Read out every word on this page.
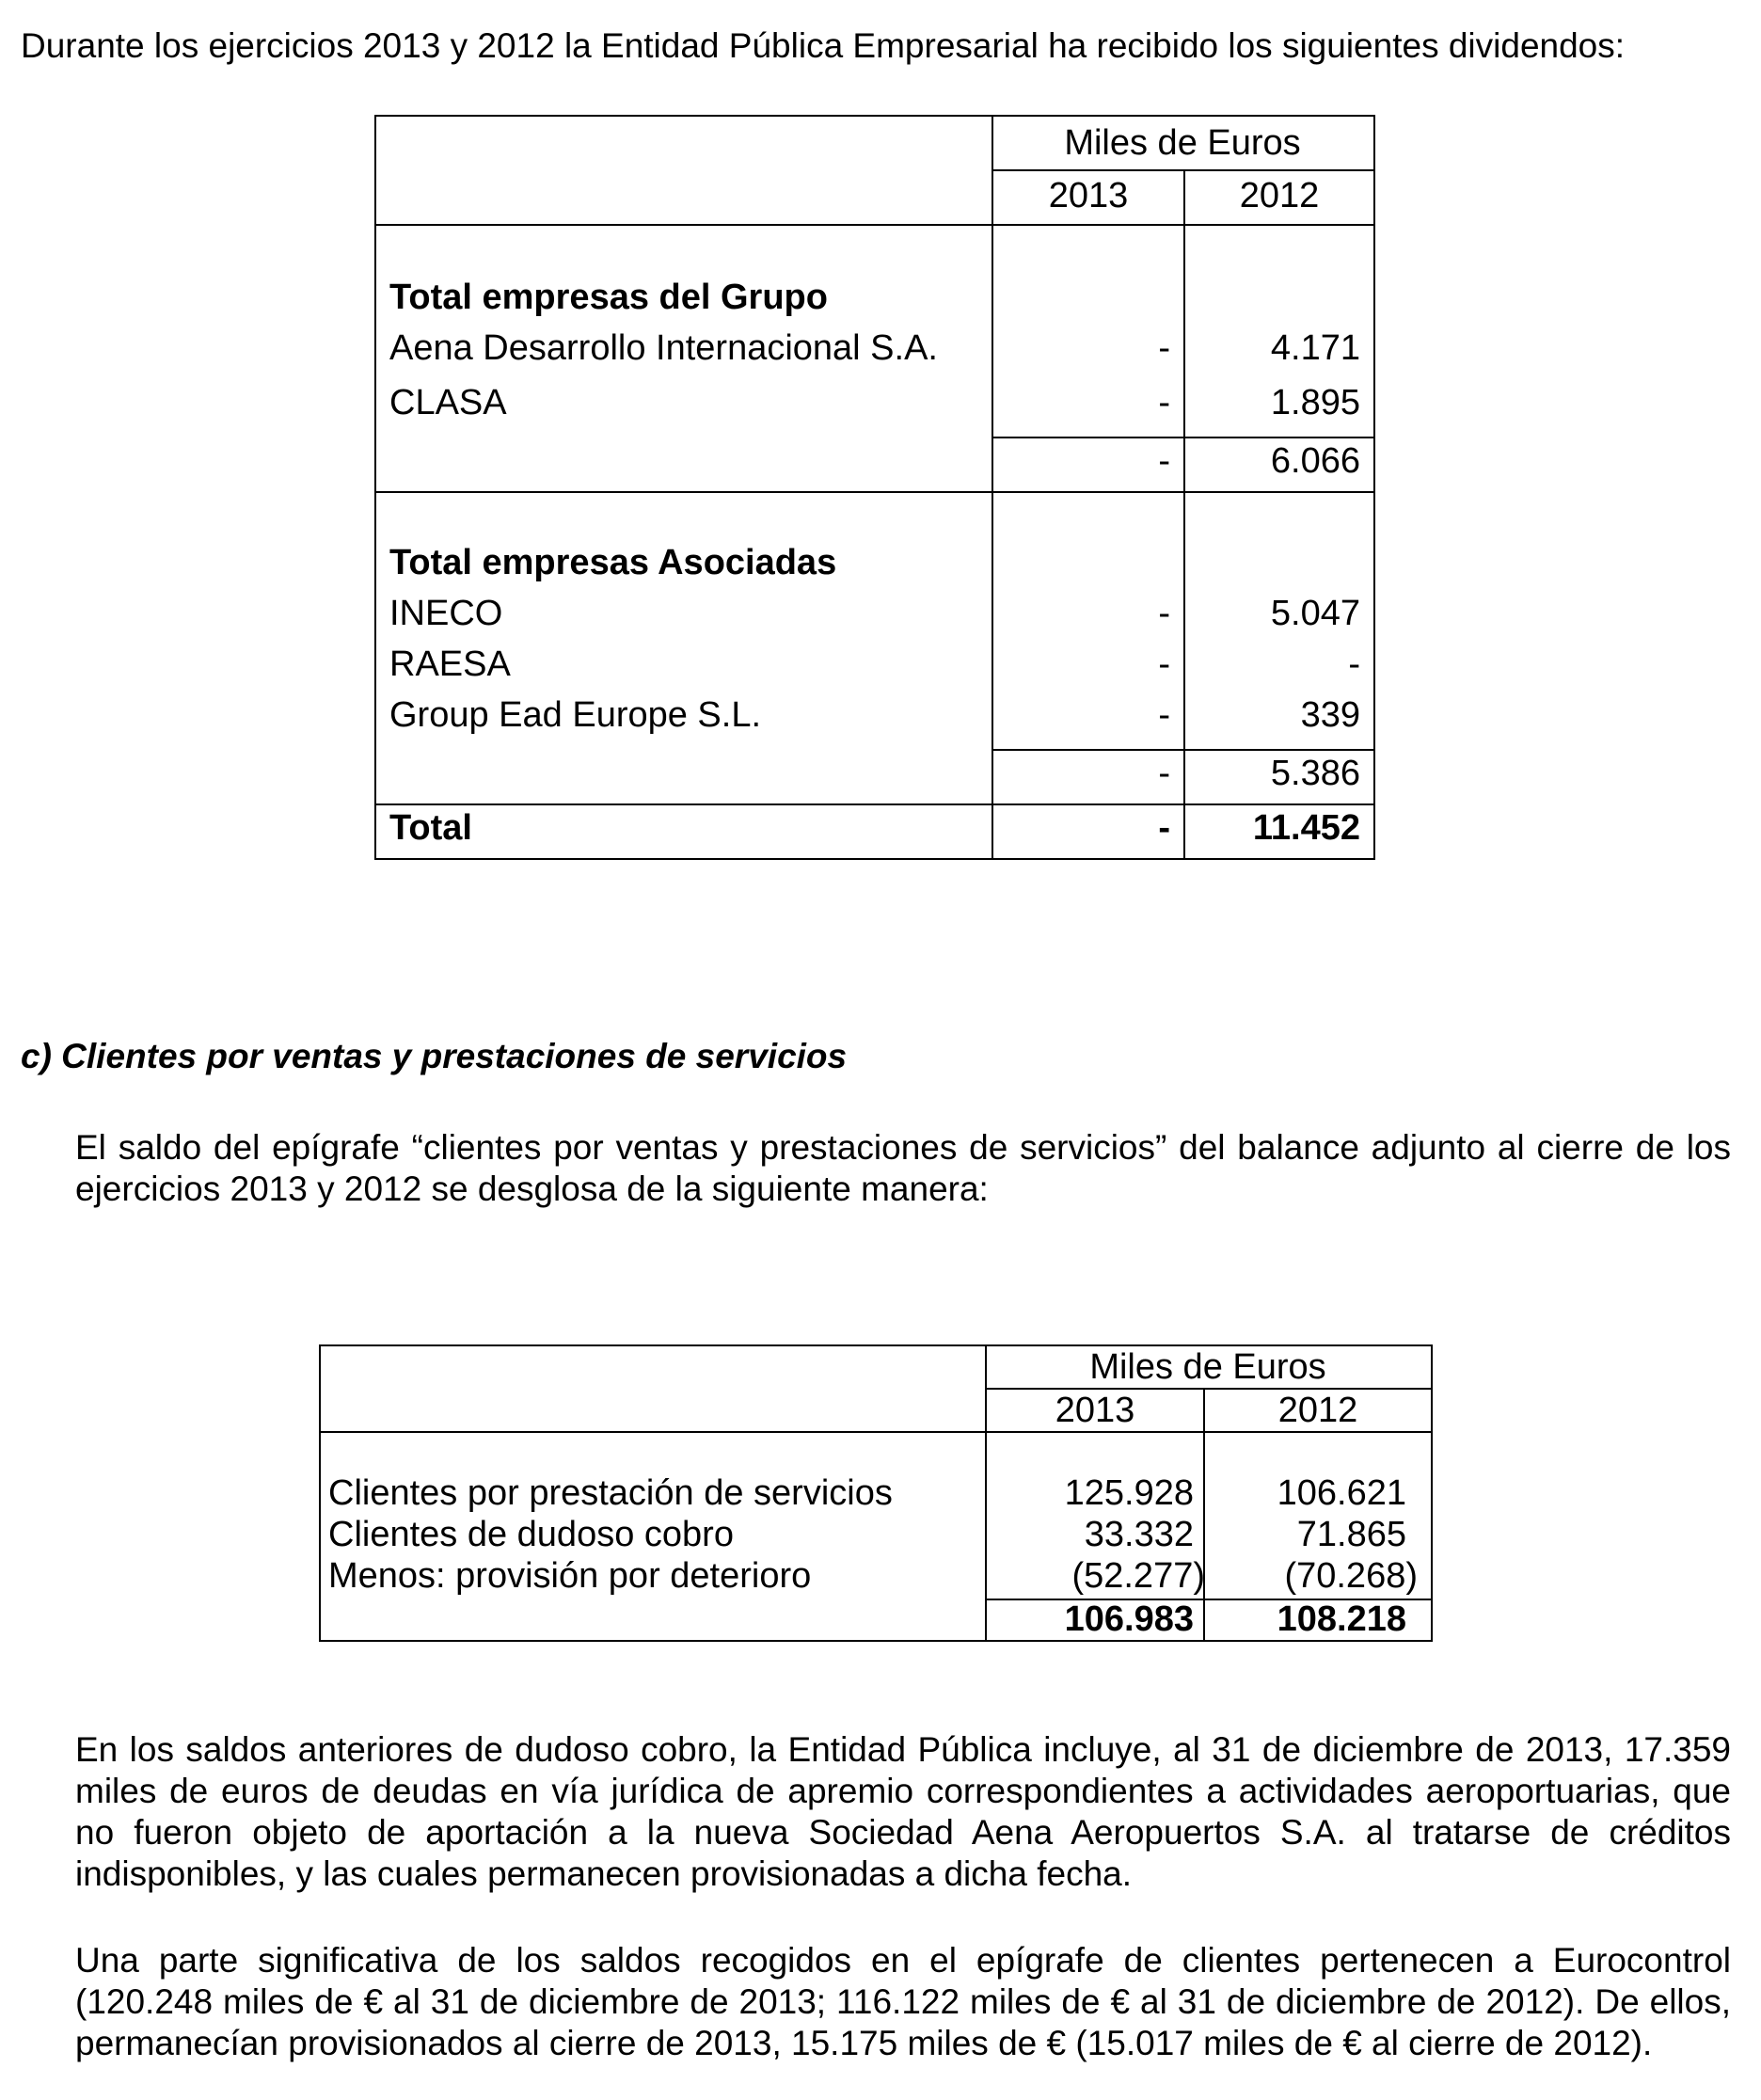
Durante los ejercicios 2013 y 2012 la Entidad Pública Empresarial ha recibido los siguientes dividendos:
Miles de Euros
2013	2012
Total empresas del Grupo
Aena Desarrollo Internacional S.A.	-	4.171
CLASA	-	1.895
-	6.066
Total empresas Asociadas
INECO	-	5.047
RAESA	-	-
Group Ead Europe S.L.	-	339
-	5.386
Total	- 11.452
c) Clientes por ventas y prestaciones de servicios
El saldo del epígrafe “clientes por ventas y prestaciones de servicios” del balance adjunto al cierre de los
ejercicios 2013 y 2012 se desglosa de la siguiente manera:
Miles de Euros
2013	2012
Clientes por prestación de servicios	125.928 106.621
Clientes de dudoso cobro	33.332	71.865
Menos: provisión por deterioro	(52.277) (70.268)
106.983 108.218
En los saldos anteriores de dudoso cobro, la Entidad Pública incluye, al 31 de diciembre de 2013, 17.359
miles de euros de deudas en vía jurídica de apremio correspondientes a actividades aeroportuarias, que
no fueron objeto de aportación a la nueva Sociedad Aena Aeropuertos S.A. al tratarse de créditos
indisponibles, y las cuales permanecen provisionadas a dicha fecha.
Una parte significativa de los saldos recogidos en el epígrafe de clientes pertenecen a Eurocontrol
(120.248 miles de € al 31 de diciembre de 2013; 116.122 miles de € al 31 de diciembre de 2012). De ellos,
permanecían provisionados al cierre de 2013, 15.175 miles de € (15.017 miles de € al cierre de 2012).
